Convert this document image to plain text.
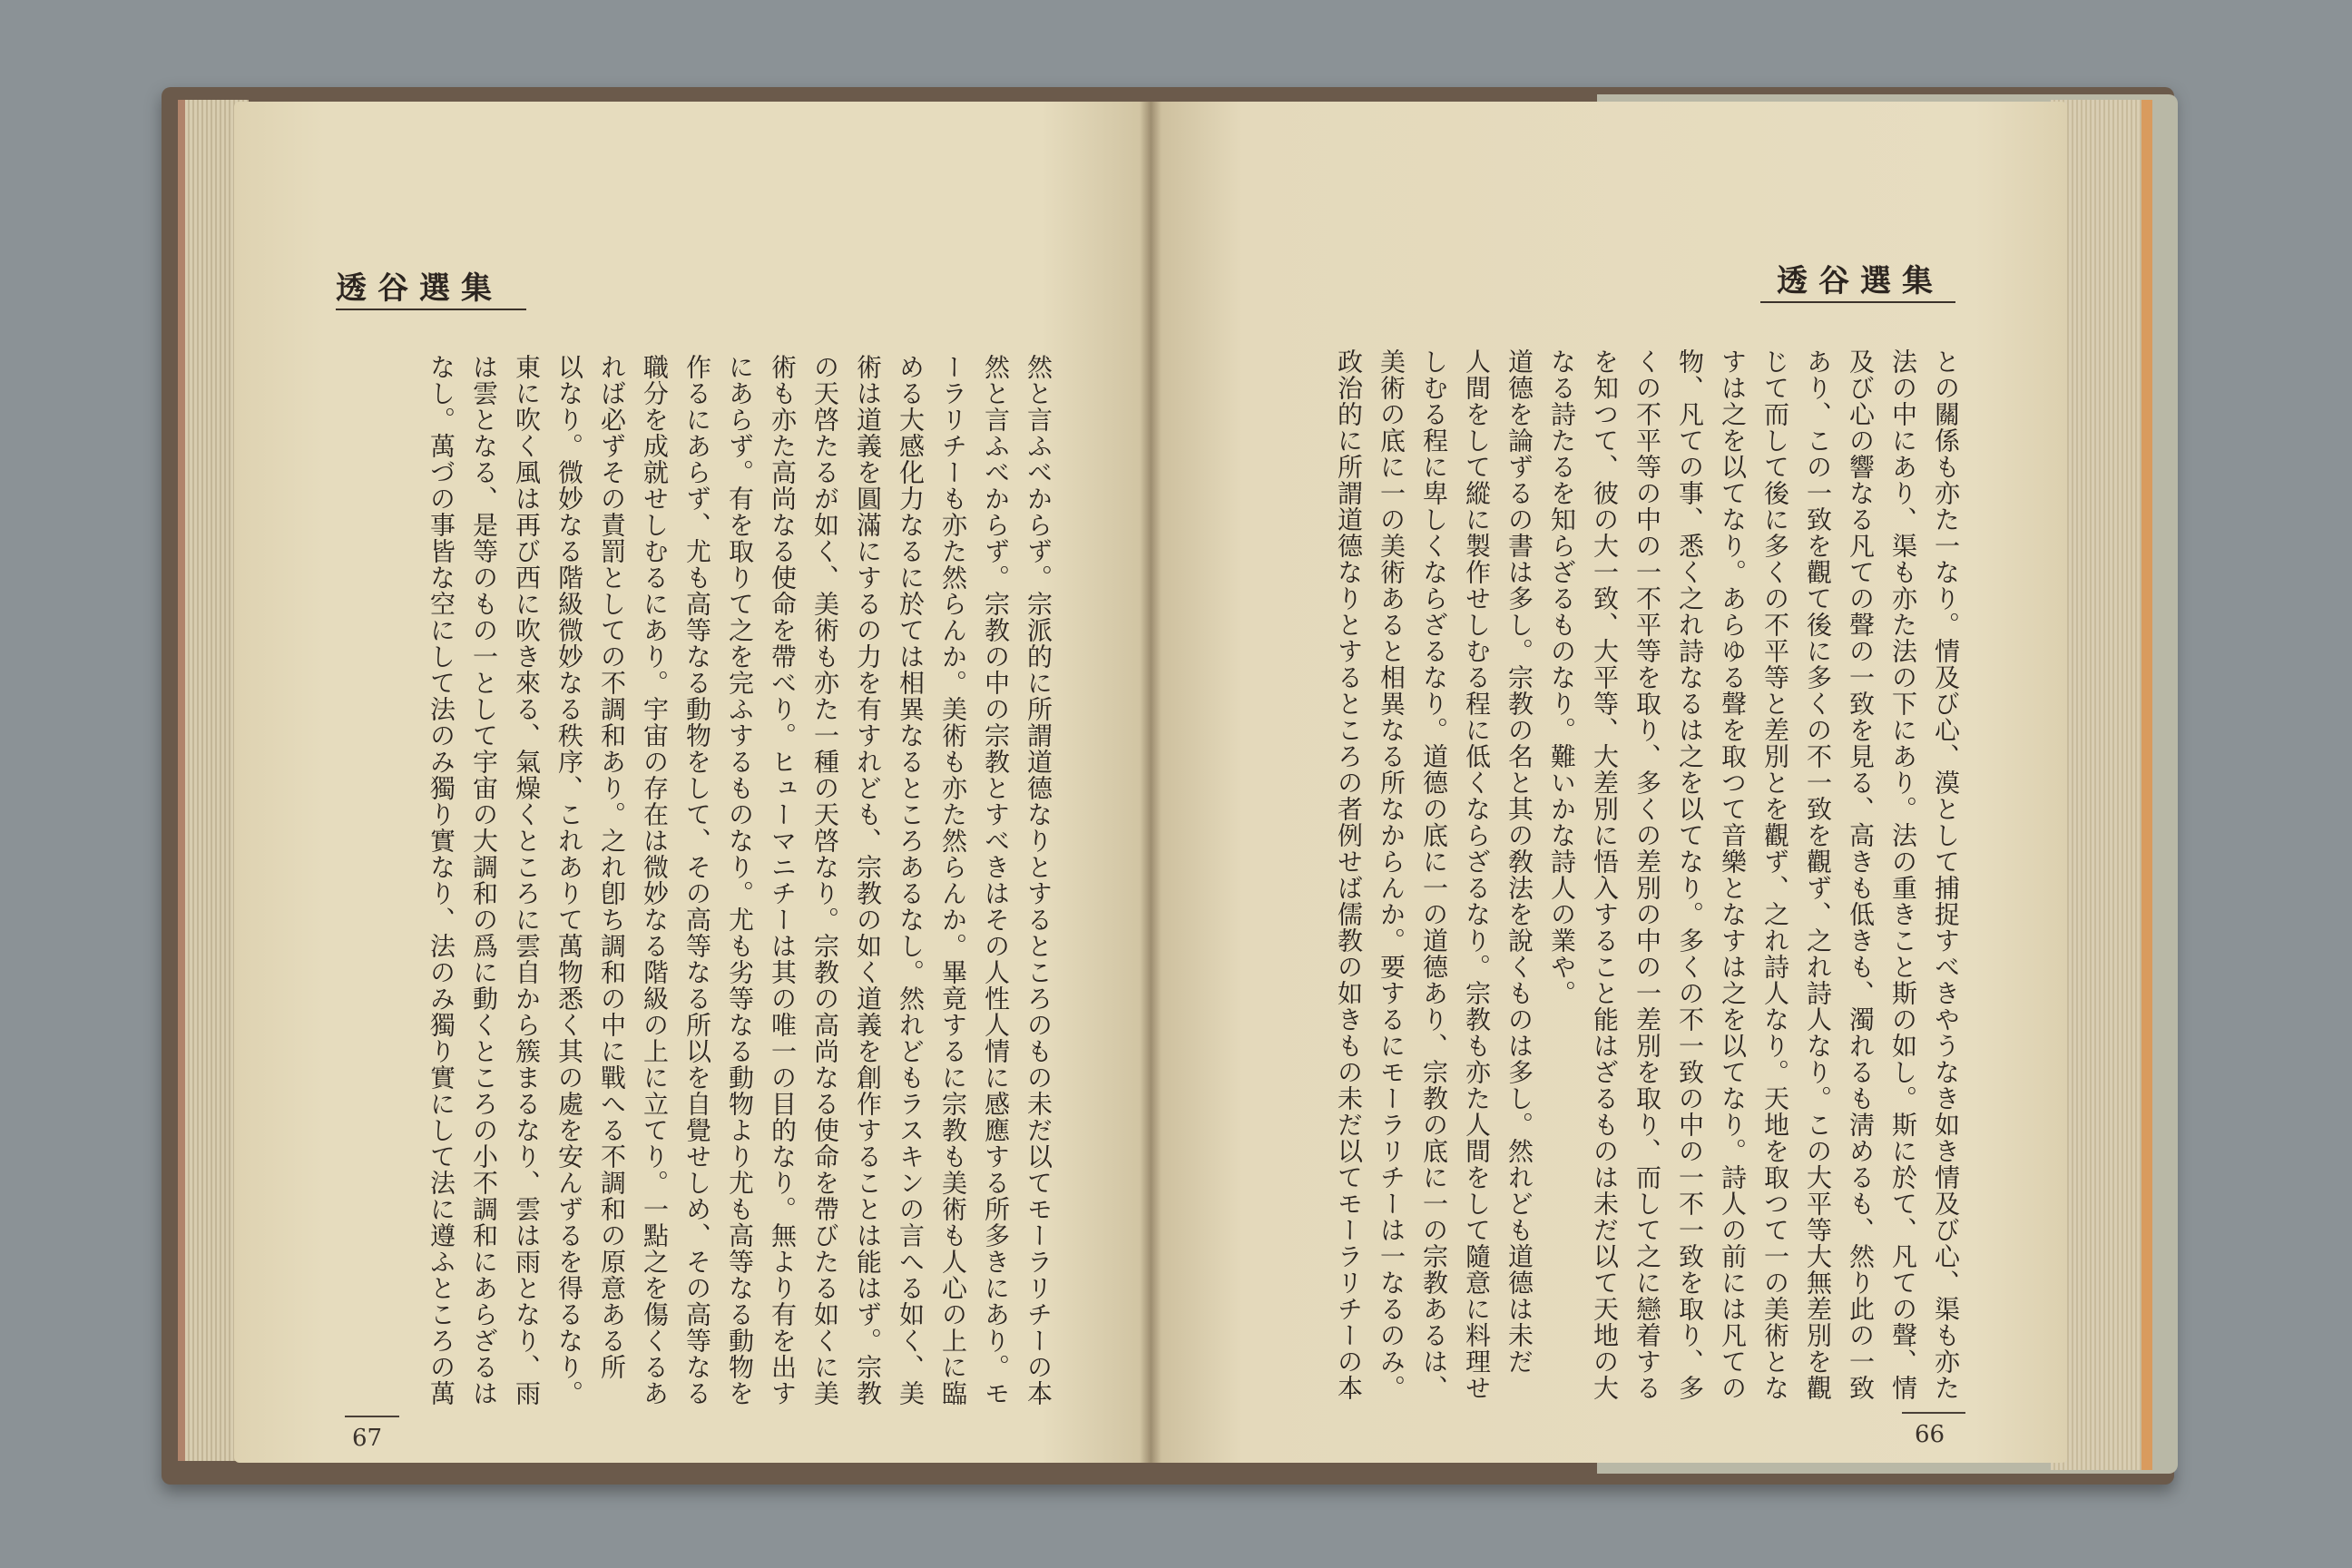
透谷選集
然と言ふべからず。宗派的に所謂道德なりとするところのもの未だ以てモーラリチーの本
然と言ふべからず。宗教の中の宗教とすべきはその人性人情に感應する所多きにあり。モ
ーラリチーも亦た然らんか。美術も亦た然らんか。畢竟するに宗教も美術も人心の上に臨
める大感化力なるに於ては相異なるところあるなし。然れどもラスキンの言へる如く、美
術は道義を圓滿にするの力を有すれども、宗教の如く道義を創作することは能はず。宗教
の天啓たるが如く、美術も亦た一種の天啓なり。宗教の高尚なる使命を帶びたる如くに美
術も亦た高尚なる使命を帶べり。ヒューマニチーは其の唯一の目的なり。無より有を出す
にあらず。有を取りて之を完ふするものなり。尤も劣等なる動物より尤も高等なる動物を
作るにあらず、尤も高等なる動物をして、その高等なる所以を自覺せしめ、その高等なる
職分を成就せしむるにあり。宇宙の存在は微妙なる階級の上に立てり。一點之を傷くるあ
れば必ずその責罰としての不調和あり。之れ卽ち調和の中に戰へる不調和の原意ある所
以なり。微妙なる階級微妙なる秩序、これありて萬物悉く其の處を安んずるを得るなり。
東に吹く風は再び西に吹き來る、氣燥くところに雲自から簇まるなり、雲は雨となり、雨
は雲となる、是等のもの一として宇宙の大調和の爲に動くところの小不調和にあらざるは
なし。萬づの事皆な空にして法のみ獨り實なり、法のみ獨り實にして法に遵ふところの萬
67
透谷選集
との關係も亦た一なり。情及び心、漠として捕捉すべきやうなき如き情及び心、渠も亦た
法の中にあり、渠も亦た法の下にあり。法の重きこと斯の如し。斯に於て、凡ての聲、情
及び心の響なる凡ての聲の一致を見る、高きも低きも、濁れるも淸めるも、然り此の一致
あり、この一致を觀て後に多くの不一致を觀ず、之れ詩人なり。この大平等大無差別を觀
じて而して後に多くの不平等と差別とを觀ず、之れ詩人なり。天地を取つて一の美術とな
すは之を以てなり。あらゆる聲を取つて音樂となすは之を以てなり。詩人の前には凡ての
物、凡ての事、悉く之れ詩なるは之を以てなり。多くの不一致の中の一不一致を取り、多
くの不平等の中の一不平等を取り、多くの差別の中の一差別を取り、而して之に戀着する
を知つて、彼の大一致、大平等、大差別に悟入すること能はざるものは未だ以て天地の大
なる詩たるを知らざるものなり。難いかな詩人の業や。
道德を論ずるの書は多し。宗教の名と其の敎法を說くものは多し。然れども道德は未だ
人間をして縱に製作せしむる程に低くならざるなり。宗教も亦た人間をして隨意に料理せ
しむる程に卑しくならざるなり。道德の底に一の道德あり、宗教の底に一の宗教あるは、
美術の底に一の美術あると相異なる所なからんか。要するにモーラリチーは一なるのみ。
政治的に所謂道德なりとするところの者例せば儒教の如きもの未だ以てモーラリチーの本
66
